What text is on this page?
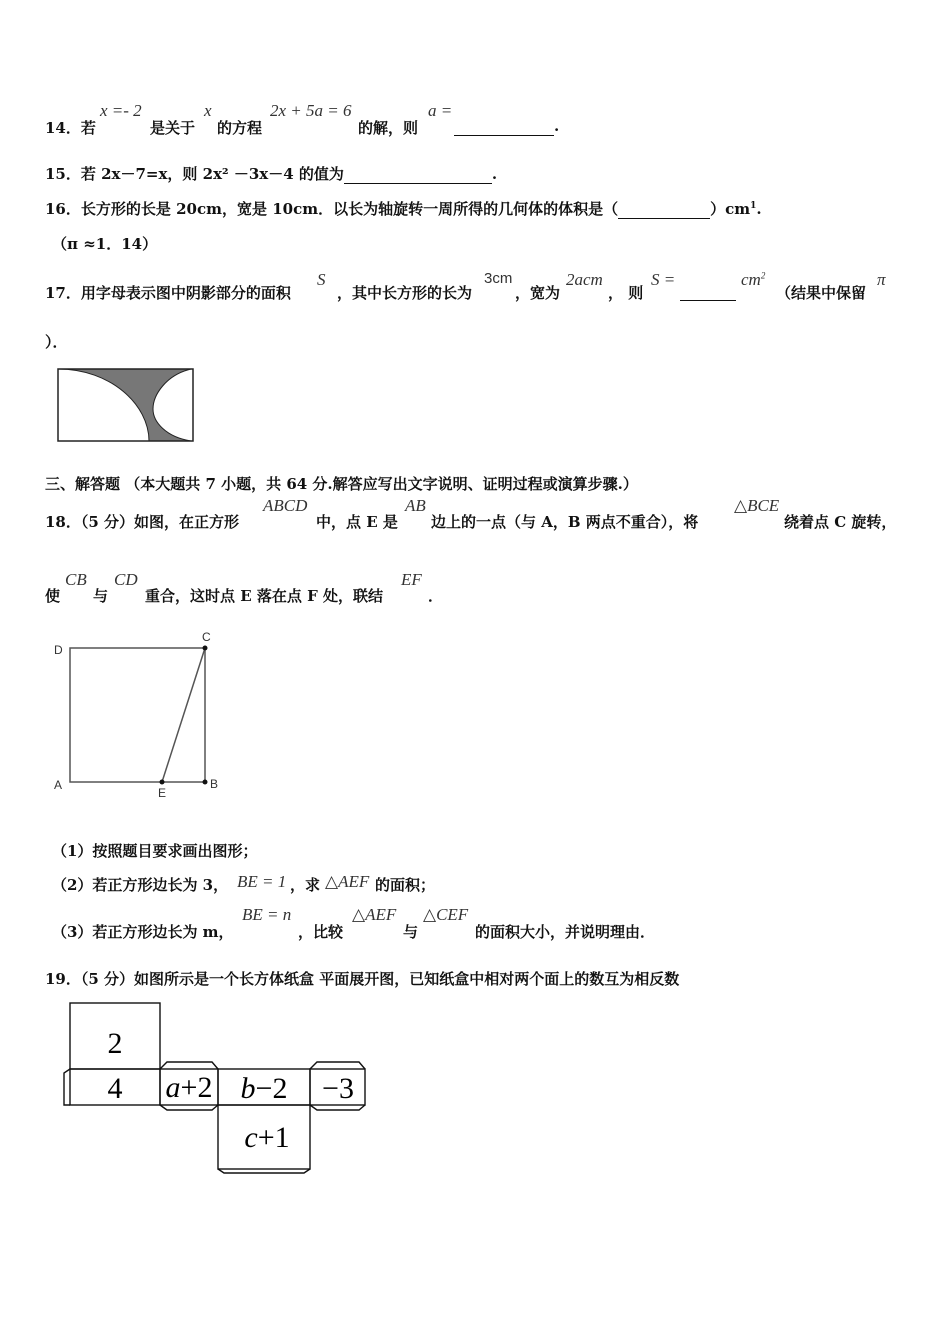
14．若
x =- 2
是关于
x
的方程
2x + 5a = 6
的解，则
a =
.
15．若 2x－7=x，则 2x² －3x－4 的值为	.
16．长方形的长是 20cm，宽是 10cm．以长为轴旋转一周所得的几何体的体积是（	）$cm^1$.
（π ≈1．14）
17．用字母表示图中阴影部分的面积
S
，其中长方形的长为
3cm
，宽为
2acm
， 则
S =
	$cm^2$
（结果中保留
π
）．
三、解答题 （本大题共 7 小题，共 64 分.解答应写出文字说明、证明过程或演算步骤.）
18．（5 分）如图，在正方形
ABCD
中，点 E 是
AB
边上的一点（与 A，B 两点不重合），将
△BCE
绕着点 C 旋转，
使
CB
与
CD
重合，这时点 E 落在点 F 处，联结
EF
．
D
C
A
E
B
（1）按照题目要求画出图形；
（2）若正方形边长为 3， BE = 1 ，求 △AEF 的面积；
（3）若正方形边长为 m，
BE = n
，比较
△AEF
与
△CEF
的面积大小，并说明理由．
19．（5 分）如图所示是一个长方体纸盒 平面展开图，已知纸盒中相对两个面上的数互为相反数
2
4 a+2 b−2 −3
c+1
